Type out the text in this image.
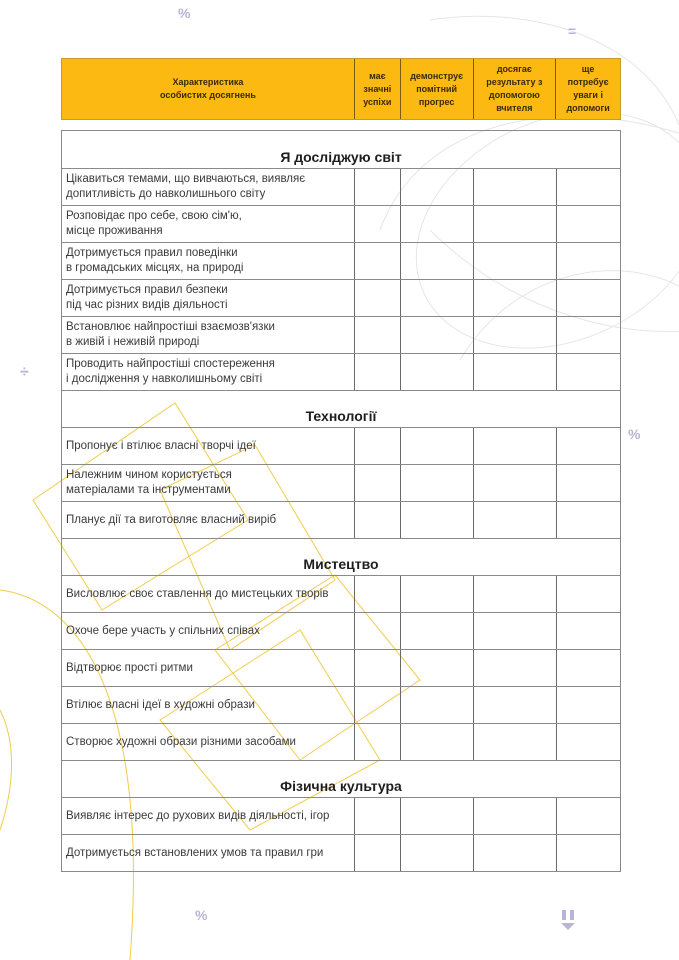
%
=
÷
%
%
Характеристика
особистих досягнень
має
значні
успіхи
демонструє
помітний
прогрес
досягає
результату з
допомогою
вчителя
ще
потребує
уваги і
допомоги
Я досліджую світ
Цікавиться темами, що вивчаються, виявляє
допитливість до навколишнього світу
Розповідає про себе, свою сім'ю,
місце проживання
Дотримується правил поведінки
в громадських місцях, на природі
Дотримується правил безпеки
під час різних видів діяльності
Встановлює найпростіші взаємозв'язки
в живій і неживій природі
Проводить найпростіші спостереження
і дослідження у навколишньому світі
Технології
Пропонує і втілює власні творчі ідеї
Належним чином користується
матеріалами та інструментами
Планує дії та виготовляє власний виріб
Мистецтво
Висловлює своє ставлення до мистецьких творів
Охоче бере участь у спільних співах
Відтворює прості ритми
Втілює власні ідеї в художні образи
Створює художні образи різними засобами
Фізична культура
Виявляє інтерес до рухових видів діяльності, ігор
Дотримується встановлених умов та правил гри
